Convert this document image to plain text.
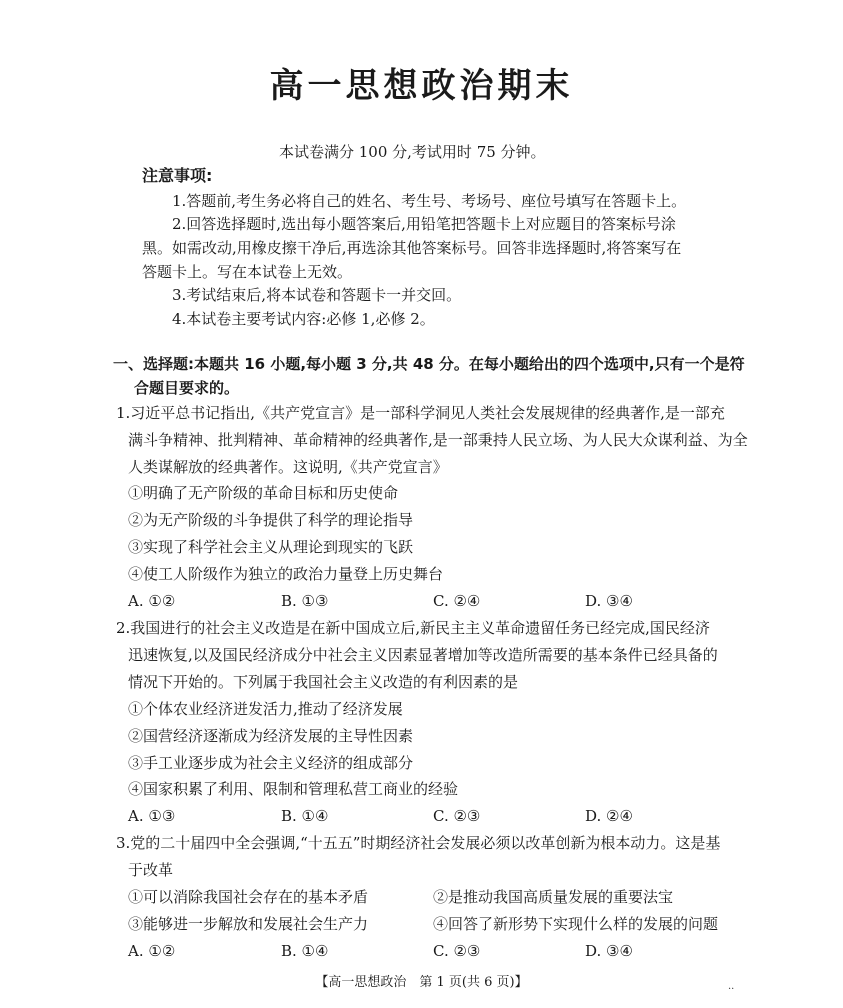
高一思想政治期末
本试卷满分 100 分,考试用时 75 分钟。
注意事项:
1.答题前,考生务必将自己的姓名、考生号、考场号、座位号填写在答题卡上。
2.回答选择题时,选出每小题答案后,用铅笔把答题卡上对应题目的答案标号涂
黑。如需改动,用橡皮擦干净后,再选涂其他答案标号。回答非选择题时,将答案写在
答题卡上。写在本试卷上无效。
3.考试结束后,将本试卷和答题卡一并交回。
4.本试卷主要考试内容:必修 1,必修 2。
一、选择题:本题共 16 小题,每小题 3 分,共 48 分。在每小题给出的四个选项中,只有一个是符
合题目要求的。
1.习近平总书记指出,《共产党宣言》是一部科学洞见人类社会发展规律的经典著作,是一部充
满斗争精神、批判精神、革命精神的经典著作,是一部秉持人民立场、为人民大众谋利益、为全
人类谋解放的经典著作。这说明,《共产党宣言》
①明确了无产阶级的革命目标和历史使命
②为无产阶级的斗争提供了科学的理论指导
③实现了科学社会主义从理论到现实的飞跃
④使工人阶级作为独立的政治力量登上历史舞台
A. ①②	B. ①③	C. ②④	D. ③④
2.我国进行的社会主义改造是在新中国成立后,新民主主义革命遗留任务已经完成,国民经济
迅速恢复,以及国民经济成分中社会主义因素显著增加等改造所需要的基本条件已经具备的
情况下开始的。下列属于我国社会主义改造的有利因素的是
①个体农业经济迸发活力,推动了经济发展
②国营经济逐渐成为经济发展的主导性因素
③手工业逐步成为社会主义经济的组成部分
④国家积累了利用、限制和管理私营工商业的经验
A. ①③	B. ①④	C. ②③	D. ②④
3.党的二十届四中全会强调,“十五五”时期经济社会发展必须以改革创新为根本动力。这是基
于改革
①可以消除我国社会存在的基本矛盾	②是推动我国高质量发展的重要法宝
③能够进一步解放和发展社会生产力	④回答了新形势下实现什么样的发展的问题
A. ①②	B. ①④	C. ②③	D. ③④
【高一思想政治　第 1 页(共 6 页)】	··
